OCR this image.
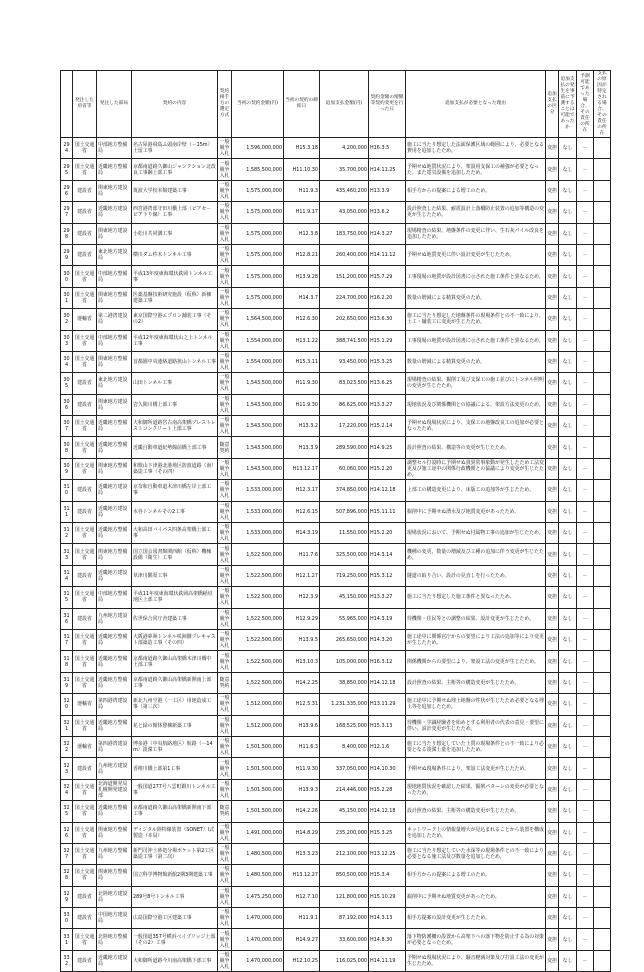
	発注した府省等	発注した部局	契約の内容	契約相手方の選定方式	当初の契約金額(円)	当初の契約の締結日	追加支払金額(円)	契約金額の増額等契約変更を行った日	追加支払が必要となった理由	追加支払の区分	追加支払の発生を事前に予測することは可能であったか	予測可能であった場合、その責任の所在	支払の原因が特定される場合、その責任の所在
294	国土交通省	中部地方整備局	名古屋港飛島ふ頭南岸壁（－15m）土留工事	一般競争入札	1,596,000,000	H15.3.18	4,200,000	H16.3.5	施工に当たり想定した法面保護区域の範囲により、必要となる費用を追加したため。	変担	なし	－	
295	国土交通省	近畿地方整備局	京都南道路久御山ジャンクション北改良工事鋼上部工事	一般競争入札	1,585,500,000	H11.10.30	35,700,000	H14.11.25	予期せぬ地質状況により、架設用支保工の補強が必要となった。また電気設備を追加したため。	変担	なし	－	
296	建設省	関東地方建設局	筑波大学校本館建築工事	一般競争入札	1,575,000,000	H11.9.3	435,460,200	H13.3.9	相手方からの提案による増工のため。	変担	なし	－	
297	建設省	近畿地方建設局	西宮港湾部守田川橋上部（ピアセ－ピア下り線）工事	一般競争入札	1,575,000,000	H11.9.17	43,050,000	H13.6.2	設計照査した結果、耐震設計上落橋防止装置の追加等構造の変更が生じたため。	変担	なし	－	
298	建設省	関東地方建設局	小松川共同溝工事	一般競争入札	1,575,000,000	H12.3.8	183,750,000	H14.3.27	現場精査の結果、地盤条件の変更に伴い、生石灰パイル改良を追加したため。	変担	なし	－	
299	建設省	東北地方建設局	横川ダム杵木トンネル工事	一般競争入札	1,575,000,000	H12.8.21	260,400,000	H14.11.12	予期せぬ地質変更に伴い設計変更が生じたため。	変担	なし	－	
300	国土交通省	中部地方整備局	平成13年度東海環状鉄岡トンネル工事	一般競争入札	1,575,000,000	H13.9.28	151,200,000	H15.7.29	工事現場の地質が設計図書に示された施工条件と異なるため。	変担	なし	－	
301	国土交通省	関東地方整備局	医薬基盤技術研究施設（仮称）新棟建築工事	一般競争入札	1,575,000,000	H14.3.7	224,700,000	H16.2.20	数量の増減による精算変更のため。	変担	なし	－	
302	運輸省	第二港湾建設局	東京国際空港エプロン舗装工事（その2）	一般競争入札	1,564,500,000	H12.6.30	202,650,000	H13.6.30	施工に当たり想定した地盤条件の現場条件との不一致により、土工・舗装工に変更が生じたため。	変担	なし	－	
303	国土交通省	中部地方整備局	平成12年度東海環状山之上トンネル工事	一般競争入札	1,554,000,000	H13.1.22	388,741,500	H15.1.29	工事現場の地質が設計図書に示された施工条件と異なるため。	変担	なし	－	
304	国土交通省	関東地方整備局	首都圏中央連絡道路狭山トンネル工事	一般競争入札	1,554,000,000	H15.3.11	93,450,000	H15.3.25	数量の増減による精算変更のため。	変担	なし	－	
305	建設省	東北地方建設局	山田トンネル工事	一般競争入札	1,543,500,000	H11.9.30	83,023,500	H13.6.25	現場精査の結果、掘削工及び支保工の施工並びにトンネル照明の変更が生じたため。	変担	なし	－	
306	建設省	関東地方建設局	岩久間川橋上部工事	一般競争入札	1,543,500,000	H11.9.30	86,625,000	H13.3.27	現地状況及び関係機関との協議による、架設方法変更のため。	変担	なし	－	
307	国土交通省	近畿地方整備局	大和御所道路宮古南高架橋プレストレストコンクリート上部工事	一般競争入札	1,543,500,000	H13.3.2	17,220,000	H15.2.14	予期せぬ現場状況により、支保工の地盤改良工の追加が必要となったため。	変担	なし	－	
308	国土交通省	近畿地方整備局	近畿自動車道紀勢線前橋上部工事	随意契約	1,543,500,000	H13.3.9	289,590,000	H14.9.25	設計照査の結果、構造等の変更が生じたため。	変担	なし	－	
309	国土交通省	関東地方整備局	和歌山下津港北港地区防波道路（南）築造工事（その四）	一般競争入札	1,543,500,000	H13.12.17	60,060,000	H15.2.20	調整セル打設時に予期せぬ貫異常事象動が発生したため工法変更及び施工途中の関係行政機関との協議により変更が生じたため。	変担	なし	－	
310	建設省	近畿地方建設局	京奈和自動車道木津川橋左岸上部工事	一般競争入札	1,533,000,000	H12.3.17	374,850,000	H14.12.18	上部工の構造変更により、床版工の追加等が生じたため。	変担	なし	－	
311	建設省	近畿地方建設局	水谷トンネルその2工事	一般競争入札	1,533,000,000	H12.6.15	507,896,000	H15.11.11	掘削中に予期せぬ湧水及び地質変更があったため。	変担	なし	－	
312	国土交通省	近畿地方整備局	大和高田バイパス四条高架橋上部工事	一般競争入札	1,533,000,000	H14.3.19	11,550,000	H15.2.20	現場状況において、予期せぬ付属物工事の追加が生じたため。	変担	なし	－	
313	国土交通省	関東地方整備局	国立国会図書館関西館（仮称）機械設備（衛生）工事	一般競争入札	1,522,500,000	H11.7.6	325,500,000	H14.3.14	機種の変更、数量の増減及び工種の追加に伴う変更が生じたため。	変担	なし	－	
314	建設省	近畿地方建設局	草津川隅渠工事	一般競争入札	1,522,500,000	H12.1.27	719,250,000	H15.3.12	隧道の取り合い、設計の見直しを行ったため。	変担	なし	－	
315	国土交通省	中部地方整備局	平成11年度東海環状鉄岡高架橋稲垣地区上部工事	一般競争入札	1,522,500,000	H12.3.9	45,150,000	H13.3.27	施工に当たり想定した施工条件と異なったため。	変担	なし	－	
316	建設省	九州地方建設局	佐世保合同庁舎建築工事	一般競争入札	1,522,500,000	H12.9.29	55,965,000	H14.3.19	待機関・住民等との調整の結果、設計変更が生じたため。	変担	なし	－	
317	国土交通省	近畿地方整備局	大阪港夢洲トンネル咲洲側プレキャスト部築造工事（その四）	一般競争入札	1,522,500,000	H13.9.5	265,650,000	H14.3.20	施工途中に関係官庁からの要望により工法の追加等により変更が生じたため。	変担	なし	－	
318	国土交通省	近畿地方整備局	京都南道路久御山高架橋木津川橋中上部工事	一般競争入札	1,522,500,000	H13.10.3	105,000,000	H16.3.12	関係機関からの要望により、架設工法の変更が生じたため。	変担	なし	－	
319	国土交通省	近畿地方整備局	京都南道路久御山高架橋新開南上部工事	随意契約	1,522,500,000	H14.2.25	38,850,000	H14.12.18	設計照査の結果、主桁等の構造変更が生じたため。	変担	なし	－	
320	運輸省	第四港湾建設局	新北九州空港（一工区）用地造成工事（第三次）	一般競争入札	1,512,000,000	H12.5.31	1,231,335,000	H13.11.29	施工途中に予期せぬ埋土地盤の性状が生じたため必要となる埋土等を追加したため。	変担	なし	－	
321	国土交通省	近畿地方整備局	花と緑の館休憩棟新築工事	一般競争入札	1,512,000,000	H13.9.6	168,525,000	H15.3.13	待機関・学識経験者を始めとする利用者の代表の意見・要望に伴い、設計変更が生じたため。	変担	なし	－	
322	運輸省	第四港湾建設局	博多港（中央航路地区）航路（－14m）浚渫工事	一般競争入札	1,501,500,000	H11.6.3	8,400,000	H12.1.6	施工に当たり想定していた土質の現場条件との不一致により必要となる浚渫土量を追加したため。	変担	なし	－	
323	建設省	九州地方建設局	香椎川橋上部第1工事	一般競争入札	1,501,500,000	H11.9.30	337,050,000	H14.10.30	予期せぬ現場条件により、架設工法変更が生じたため。	変担	なし	－	
324	国土交通省	北海道開発局札幌開発建設部	一般国道277号八雲町銀川トンネル工事	一般競争入札	1,501,500,000	H13.9.3	214,446,000	H15.2.28	現地地質状況を確認した結果、掘削パターンの変更が必要となったため。	変担	なし	－	
325	国土交通省	近畿地方整備局	京都南道路久御山高架橋新開南下部工事	随意契約	1,501,500,000	H14.2.26	45,150,000	H14.12.18	設計照査の結果、主桁等の構造変更が生じたため。	変担	なし	－	
326	国土交通省	関東地方整備局	ディジタル陸特線装置（SONET）I式製造（本局）	一般競争入札	1,491,000,000	H14.8.29	235,200,000	H15.3.25	ネットワーク上の情報量増大が見込まれることから装置を構成を追加したため。	変担	なし	－	
327	国土交通省	九州地方整備局	新門司沖土砂処分場ポケット第2工区築造工事（第二次）	一般競争入札	1,480,500,000	H13.3.23	212,100,000	H13.12.25	施工に当たり想定していた水深等の現場条件との不一致により必要となる施工法及び数量を追加したため。	変担	なし	－	
328	国土交通省	関東地方整備局	国立科学博物館新館2期3期建築工事	一般競争入札	1,480,500,000	H13.12.27	850,500,000	H15.3.4	相手方からの提案による増工のため。	変担	なし	－	
329	建設省	北陸地方建設局	289号8号トンネル工事	一般競争入札	1,475,250,000	H12.7.10	121,800,000	H15.10.29	掘削中に予期せぬ地質変更があったため。	変担	なし	－	
330	建設省	中国地方建設局	広島国際空港工区建築工事	一般競争入札	1,470,000,000	H11.9.1	87,192,000	H14.3.13	相手方提案の設計変更が生じたため。	変担	なし	－	
331	国土交通省	北陸地方整備局	一般国道357号横浜ベイブリッジ上部（その2）工事	一般競争入札	1,470,000,000	H14.9.27	33,600,000	H14.8.30	落下物防護柵の設置から高架下への落下物を防止する為の対策が必要となったため。	変担	なし	－	
332	建設省	近畿地方建設局	大和御所道路今川南高架橋下部工事	一般競争入札	1,470,000,000	H12.10.25	116,025,000	H14.11.19	予期せぬ現場状況により、騒音軽減対策及び打設工法の変更が生じたため。	変担	なし	－	
